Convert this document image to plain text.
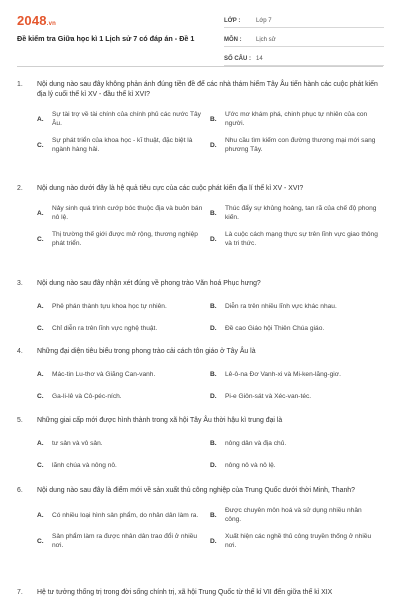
2048.vn
Đề kiểm tra Giữa học kì 1 Lịch sử 7 có đáp án - Đề 1
LỚP :	Lớp 7
MÔN :	Lịch sử
SỐ CÂU : 14
1.	Nội dung nào sau đây không phản ánh đúng tiền đề để các nhà thám hiểm Tây Âu tiến hành các cuộc phát kiến địa lý cuối thế kỉ XV - đầu thế kỉ XVI?
A.
Sự tài trợ về tài chính của chính phủ các nước Tây Âu.
B.
Ước mơ khám phá, chinh phục tự nhiên của con người.
C.
Sự phát triển của khoa học - kĩ thuật, đặc biệt là ngành hàng hải.
D.
Nhu cầu tìm kiếm con đường thương mại mới sang phương Tây.
2.	Nội dung nào dưới đây là hệ quả tiêu cực của các cuộc phát kiến địa lí thế kỉ XV - XVI?
A.
Nảy sinh quá trình cướp bóc thuộc địa và buôn bán nô lệ.
B.
Thúc đẩy sự khủng hoảng, tan rã của chế độ phong kiến.
C.
Thị trường thế giới được mở rộng, thương nghiệp phát triển.
D.
Là cuộc cách mạng thực sự trên lĩnh vực giao thông và tri thức.
3.	Nội dung nào sau đây nhận xét đúng về phong trào Văn hoá Phục hưng?
A.	Phê phán thành tựu khoa học tự nhiên.	B.	Diễn ra trên nhiều lĩnh vực khác nhau.
C.	Chỉ diễn ra trên lĩnh vực nghệ thuật.	D.	Đề cao Giáo hội Thiên Chúa giáo.
4.	Những đại diện tiêu biểu trong phong trào cải cách tôn giáo ở Tây Âu là
A.	Mác-tin Lu-thơ và Giăng Can-vanh.	B.	Lê-ô-na Đơ Vanh-xi và Mi-ken-lăng-giơ.
C.	Ga-li-lê và Cô-péc-ních.	D.	Pi-e Giôn-sát và Xéc-van-téc.
5.	Những giai cấp mới được hình thành trong xã hội Tây Âu thời hậu kì trung đại là
A.	tư sản và vô sản.	B.	nông dân và địa chủ.
C.	lãnh chúa và nông nô.	D.	nông nô và nô lệ.
6.	Nội dung nào sau đây là điểm mới về sản xuất thủ công nghiệp của Trung Quốc dưới thời Minh, Thanh?
A.	Có nhiều loại hình sản phẩm, do nhân dân làm ra.	B.
Được chuyên môn hoá và sử dụng nhiều nhân công.
C.
Sản phẩm làm ra được nhân dân trao đổi ở nhiều nơi.
D.
Xuất hiện các nghề thủ công truyền thống ở nhiều nơi.
7.	Hệ tư tưởng thống trị trong đời sống chính trị, xã hội Trung Quốc từ thế kỉ VII đến giữa thế kỉ XIX
